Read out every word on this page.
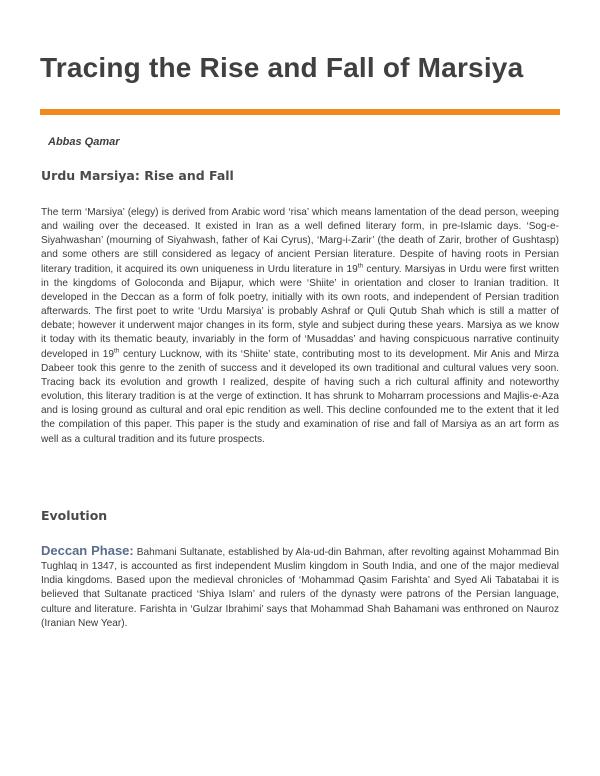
Tracing the Rise and Fall of Marsiya
Abbas Qamar
Urdu Marsiya: Rise and Fall

The term ‘Marsiya’ (elegy) is derived from Arabic word ‘risa’ which means lamentation of the dead person, weeping and wailing over the deceased. It existed in Iran as a well defined literary form, in pre-Islamic days. ‘Sog-e-Siyahwashan’ (mourning of Siyahwash, father of Kai Cyrus), ‘Marg-i-Zarir’ (the death of Zarir, brother of Gushtasp) and some others are still considered as legacy of ancient Persian literature. Despite of having roots in Persian literary tradition, it acquired its own uniqueness in Urdu literature in 19th century. Marsiyas in Urdu were first written in the kingdoms of Goloconda and Bijapur, which were ‘Shiite’ in orientation and closer to Iranian tradition. It developed in the Deccan as a form of folk poetry, initially with its own roots, and independent of Persian tradition afterwards. The first poet to write ‘Urdu Marsiya’ is probably Ashraf or Quli Qutub Shah which is still a matter of debate; however it underwent major changes in its form, style and subject during these years. Marsiya as we know it today with its thematic beauty, invariably in the form of ‘Musaddas’ and having conspicuous narrative continuity developed in 19th century Lucknow, with its ‘Shiite’ state, contributing most to its development. Mir Anis and Mirza Dabeer took this genre to the zenith of success and it developed its own traditional and cultural values very soon. Tracing back its evolution and growth I realized, despite of having such a rich cultural affinity and noteworthy evolution, this literary tradition is at the verge of extinction. It has shrunk to Moharram processions and Majlis-e-Aza and is losing ground as cultural and oral epic rendition as well. This decline confounded me to the extent that it led the compilation of this paper. This paper is the study and examination of rise and fall of Marsiya as an art form as well as a cultural tradition and its future prospects.

Evolution

Deccan Phase: Bahmani Sultanate, established by Ala-ud-din Bahman, after revolting against Mohammad Bin Tughlaq in 1347, is accounted as first independent Muslim kingdom in South India, and one of the major medieval India kingdoms. Based upon the medieval chronicles of ‘Mohammad Qasim Farishta’ and Syed Ali Tabatabai it is believed that Sultanate practiced ‘Shiya Islam’ and rulers of the dynasty were patrons of the Persian language, culture and literature. Farishta in ‘Gulzar Ibrahimi’ says that Mohammad Shah Bahamani was enthroned on Nauroz (Iranian New Year).
